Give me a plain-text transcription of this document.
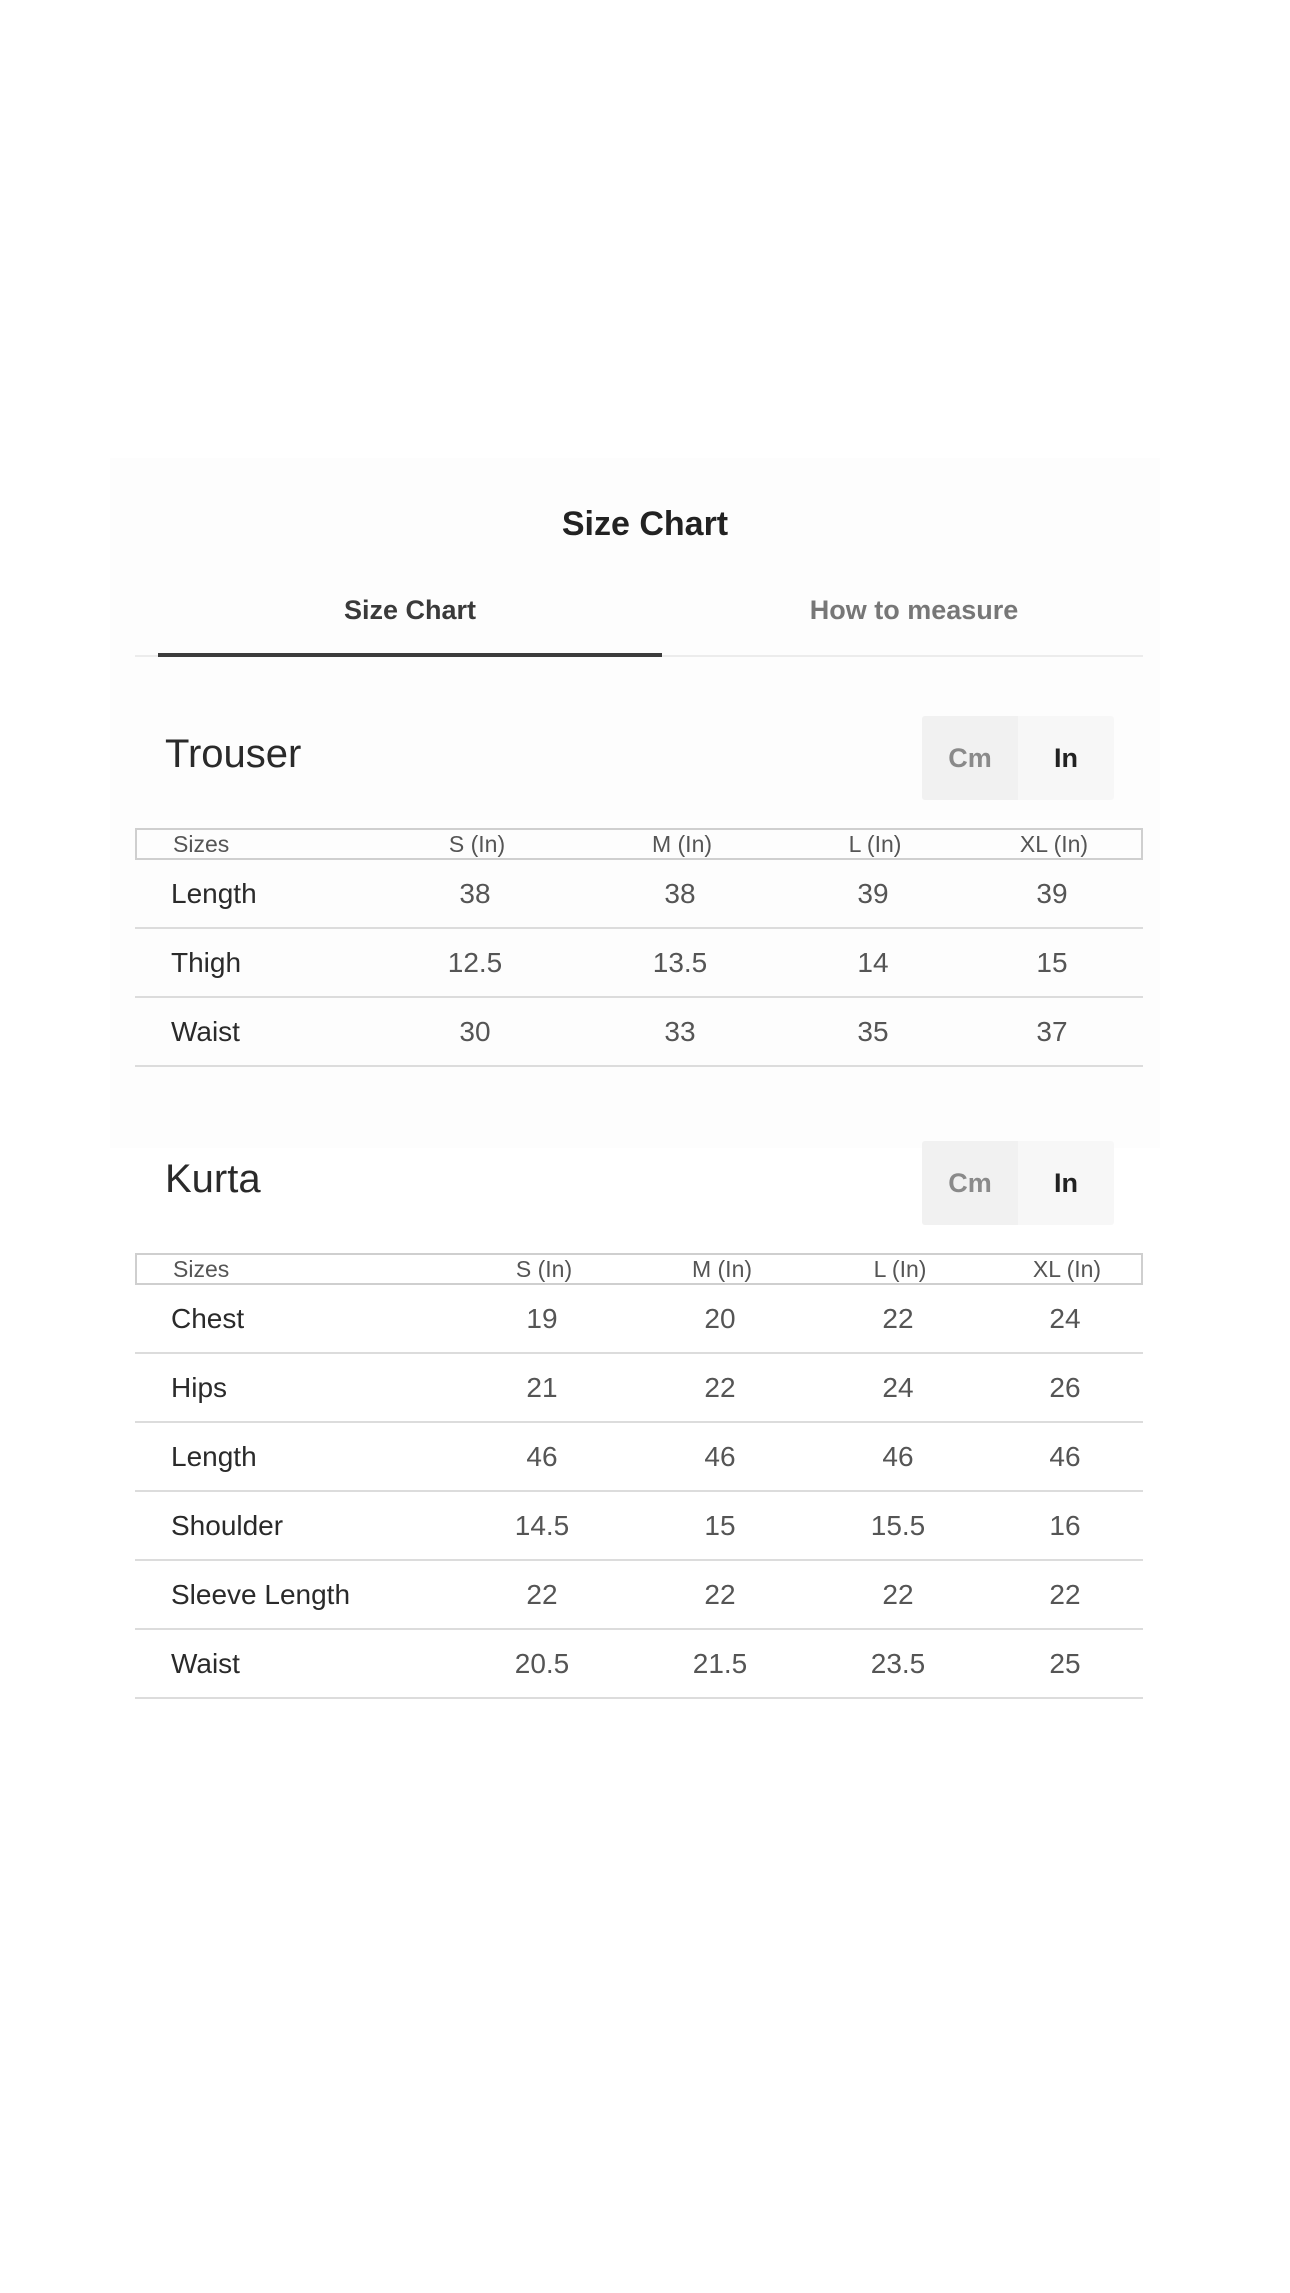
Size Chart
Size Chart	How to measure
Trouser	Cm	In
Sizes	S (In)	M (In)	L (In)	XL (In)
Length	38	38	39	39
Thigh	12.5	13.5	14	15
Waist	30	33	35	37
Kurta	Cm	In
Sizes	S (In)	M (In)	L (In)	XL (In)
Chest	19	20	22	24
Hips	21	22	24	26
Length	46	46	46	46
Shoulder	14.5	15	15.5	16
Sleeve Length	22	22	22	22
Waist	20.5	21.5	23.5	25
